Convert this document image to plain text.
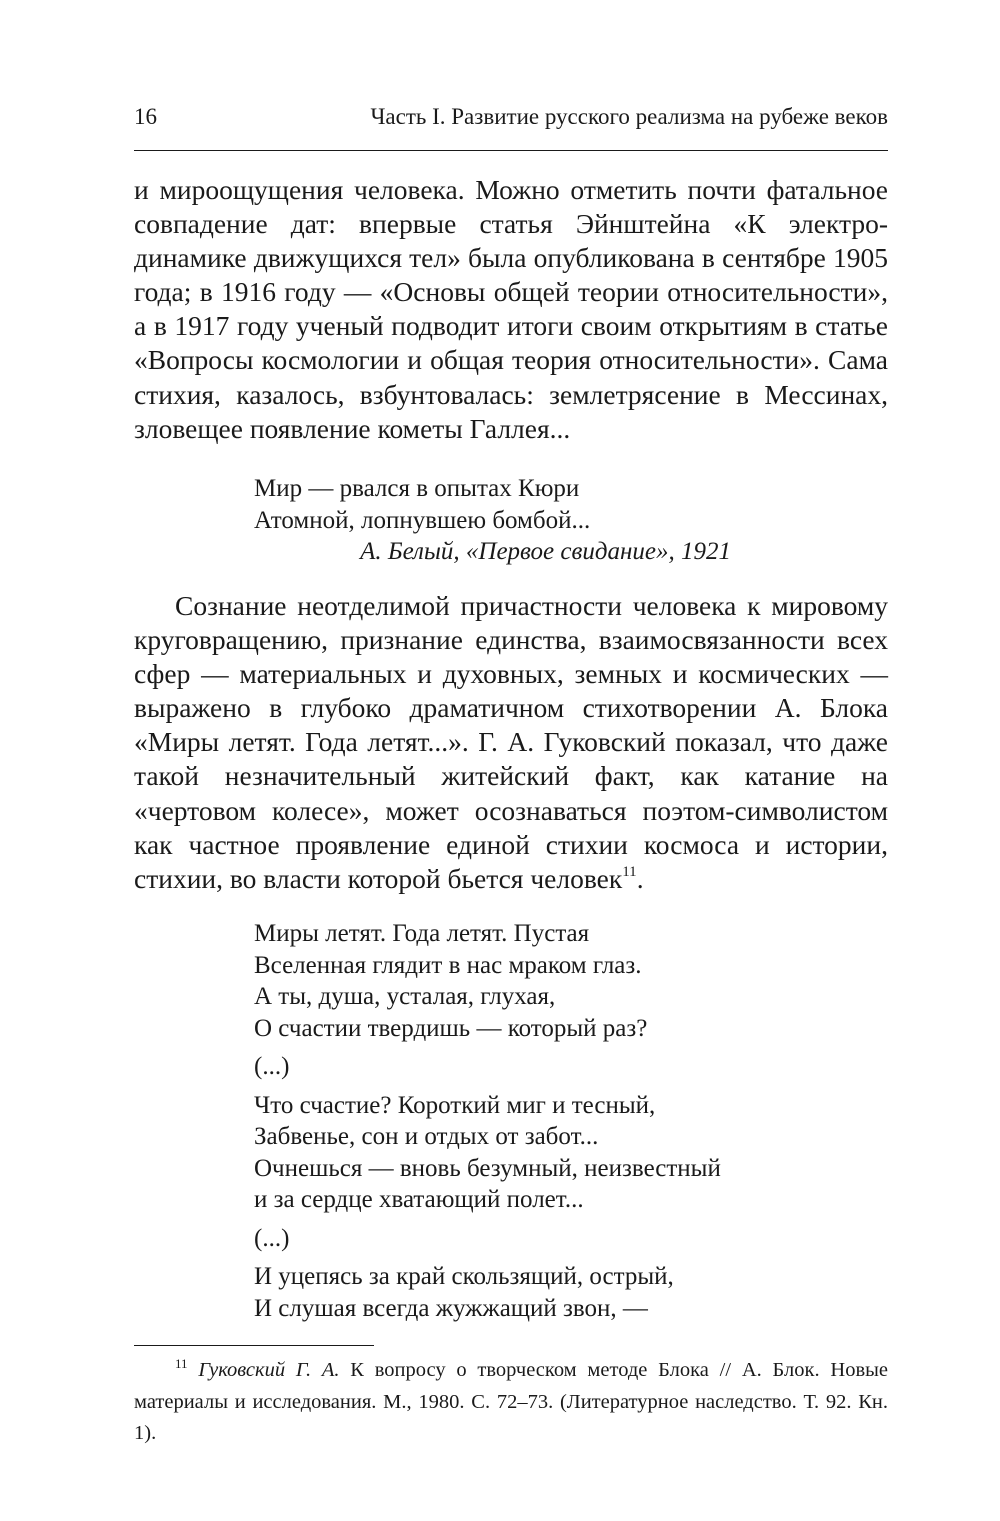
16	Часть I. Развитие русского реализма на рубеже веков

и мироощущения человека. Можно отметить почти фатальное совпадение дат: впервые статья Эйнштейна «К электродинамике движущихся тел» была опубликована в сентябре 1905 года; в 1916 году — «Основы общей теории относительности», а в 1917 году ученый подводит итоги своим открытиям в статье «Вопросы космологии и общая теория относительности». Сама стихия, казалось, взбунтовалась: землетрясение в Мессинах, зловещее появление кометы Галлея...

Мир — рвался в опытах Кюри
Атомной, лопнувшею бомбой...
А. Белый, «Первое свидание», 1921

Сознание неотделимой причастности человека к мировому круговращению, признание единства, взаимосвязанности всех сфер — материальных и духовных, земных и космических — выражено в глубоко драматичном стихотворении А. Блока «Миры летят. Года летят...». Г. А. Гуковский показал, что даже такой незначительный житейский факт, как катание на «чертовом колесе», может осознаваться поэтом-символистом как частное проявление единой стихии космоса и истории, стихии, во власти которой бьется человек$^{11}$.

Миры летят. Года летят. Пустая
Вселенная глядит в нас мраком глаз.
А ты, душа, усталая, глухая,
О счастии твердишь — который раз?
(...)
Что счастие? Короткий миг и тесный,
Забвенье, сон и отдых от забот...
Очнешься — вновь безумный, неизвестный
и за сердце хватающий полет...
(...)
И уцепясь за край скользящий, острый,
И слушая всегда жужжащий звон, —

$^{11}$ Гуковский Г. А. К вопросу о творческом методе Блока // А. Блок. Новые материалы и исследования. М., 1980. С. 72–73. (Литературное наследство. Т. 92. Кн. 1).
